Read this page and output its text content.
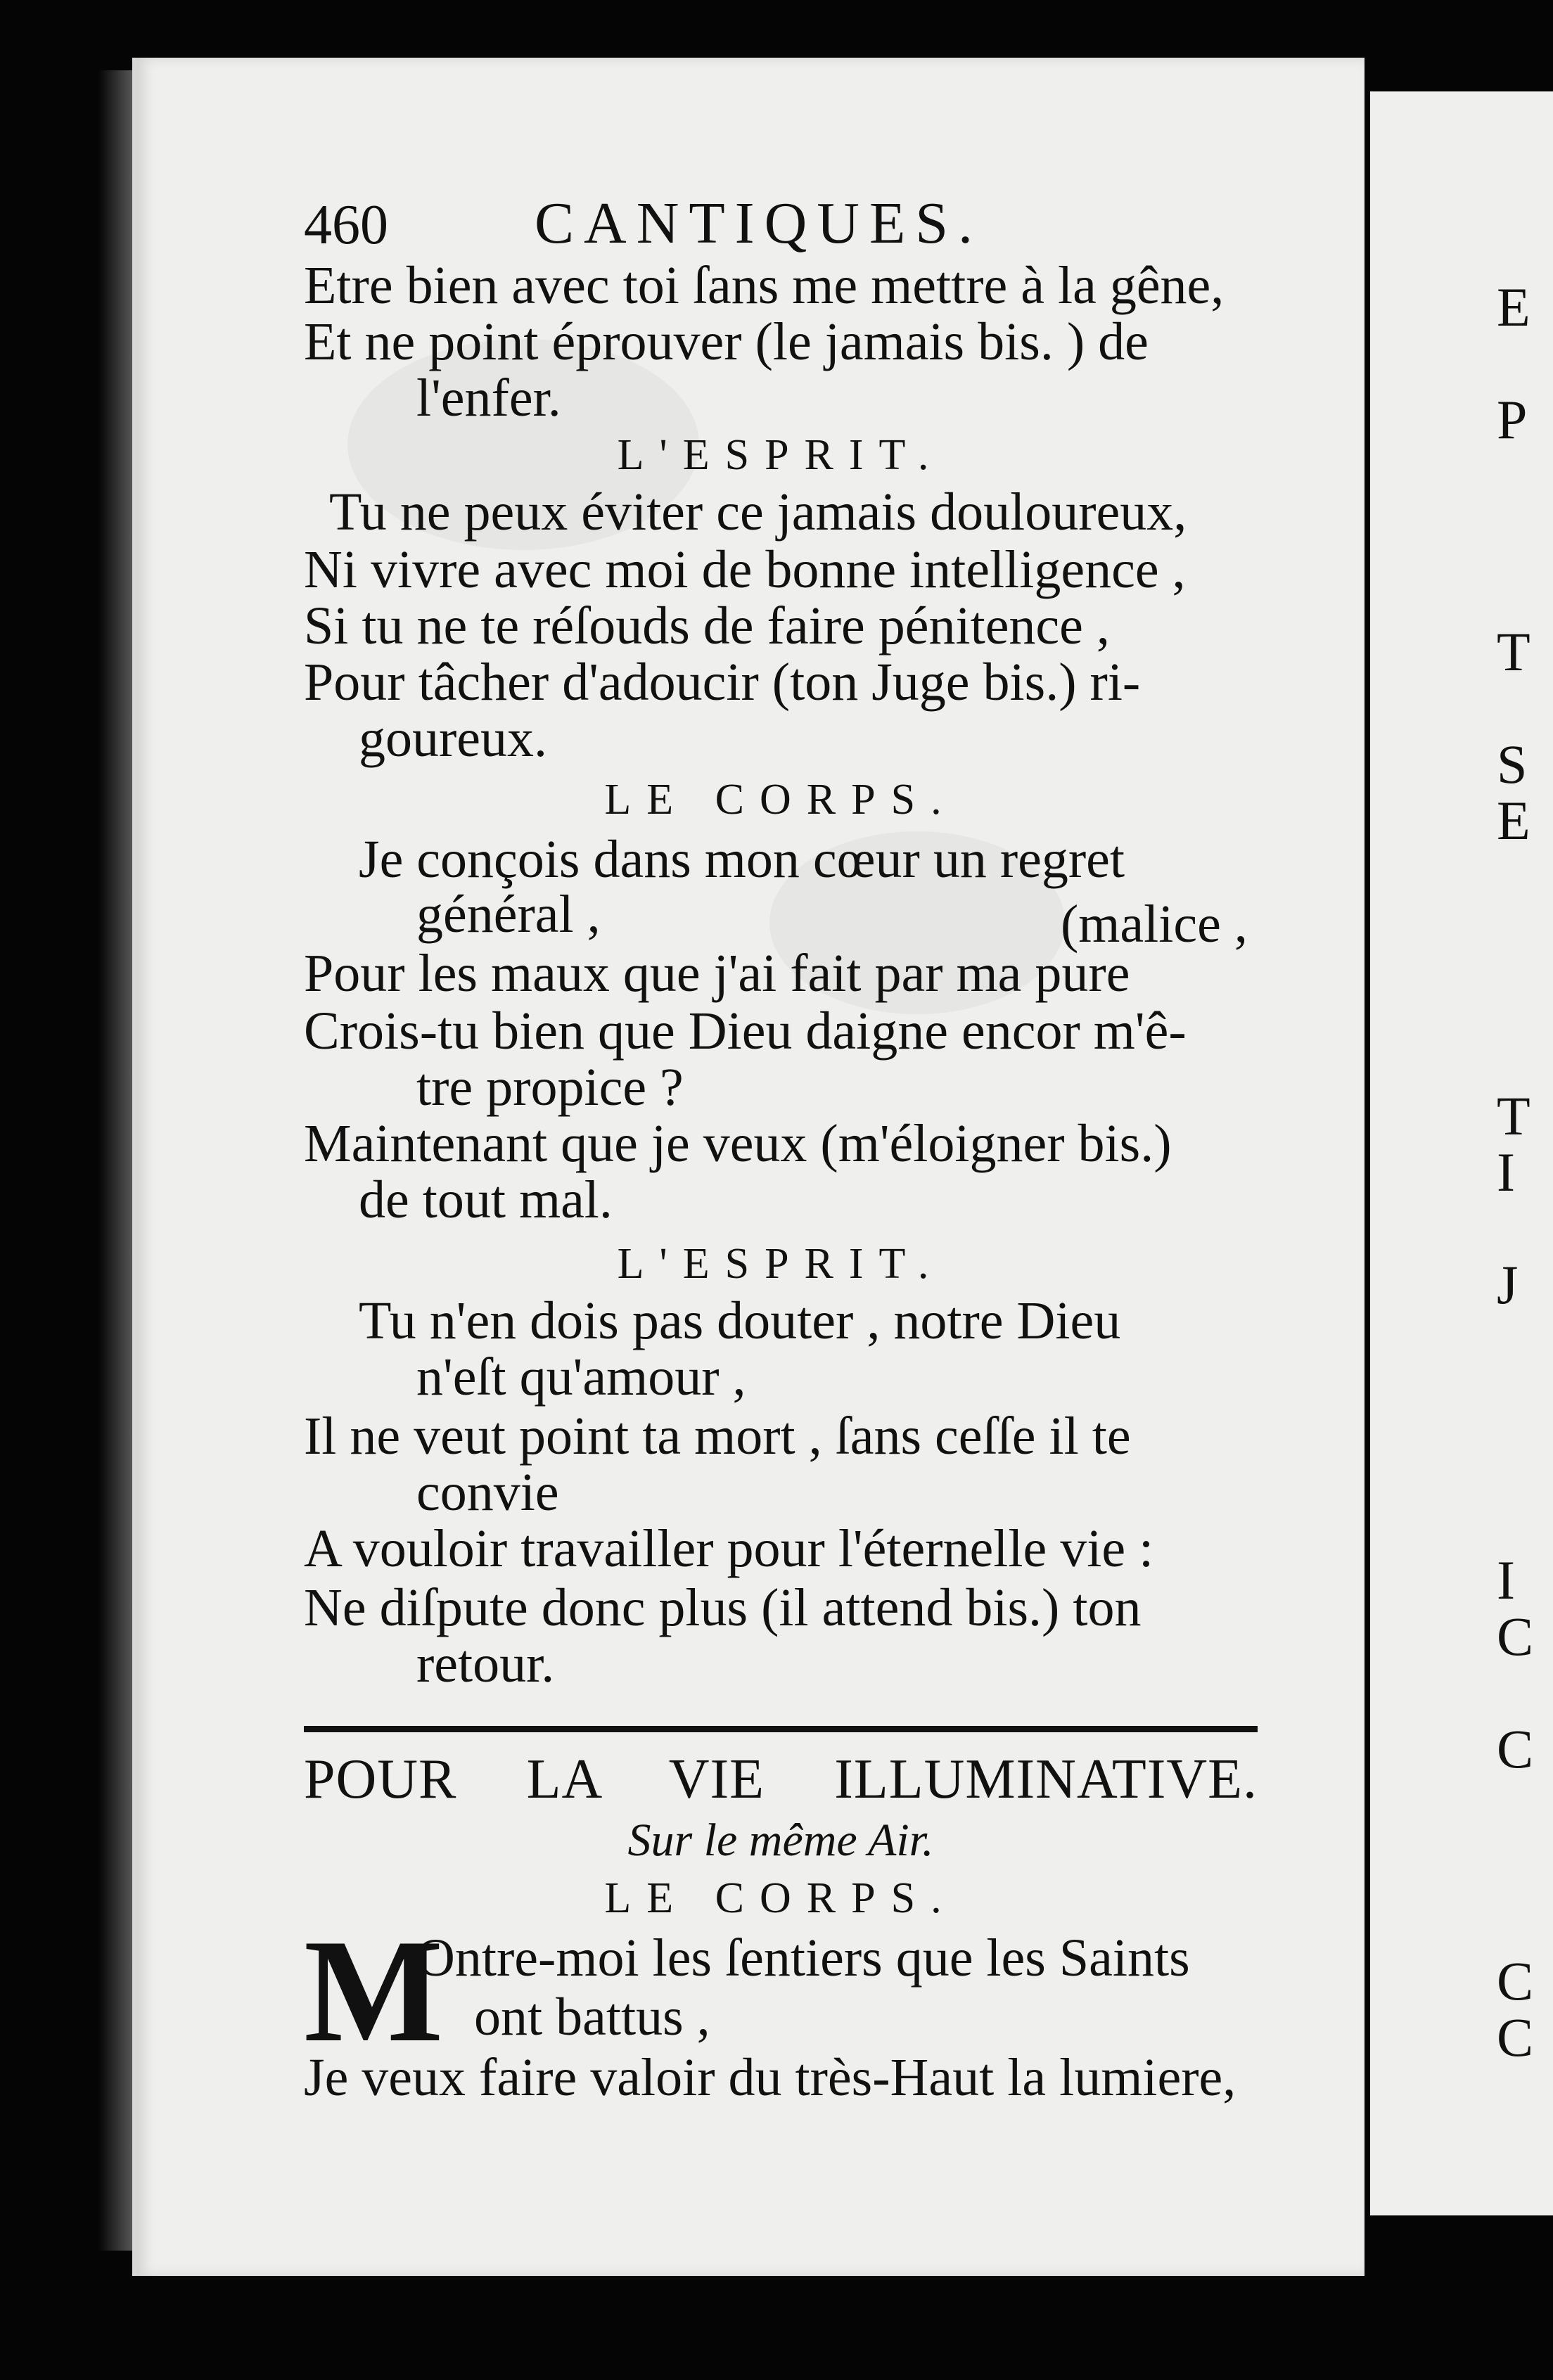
E
P
T
S
E
T
I
J
I
C
C
C
C
460 CANTIQUES.
Etre bien avec toi ſans me mettre à la gêne,
Et ne point éprouver (le jamais bis. ) de
l'enfer.
L'ESPRIT.
Tu ne peux éviter ce jamais douloureux,
Ni vivre avec moi de bonne intelligence ,
Si tu ne te réſouds de faire pénitence ,
Pour tâcher d'adoucir (ton Juge bis.) ri-
goureux.
LE CORPS.
Je conçois dans mon cœur un regret
général ,	(malice ,
Pour les maux que j'ai fait par ma pure
Crois-tu bien que Dieu daigne encor m'ê-
tre propice ?
Maintenant que je veux (m'éloigner bis.)
de tout mal.
L'ESPRIT.
Tu n'en dois pas douter , notre Dieu
n'eſt qu'amour ,
Il ne veut point ta mort , ſans ceſſe il te
convie
A vouloir travailler pour l'éternelle vie :
Ne diſpute donc plus (il attend bis.) ton
retour.
POUR LA VIE ILLUMINATIVE.
Sur le même Air.
LE CORPS.
M
Ontre-moi les ſentiers que les Saints
ont battus ,
Je veux faire valoir du très-Haut la lumiere,
